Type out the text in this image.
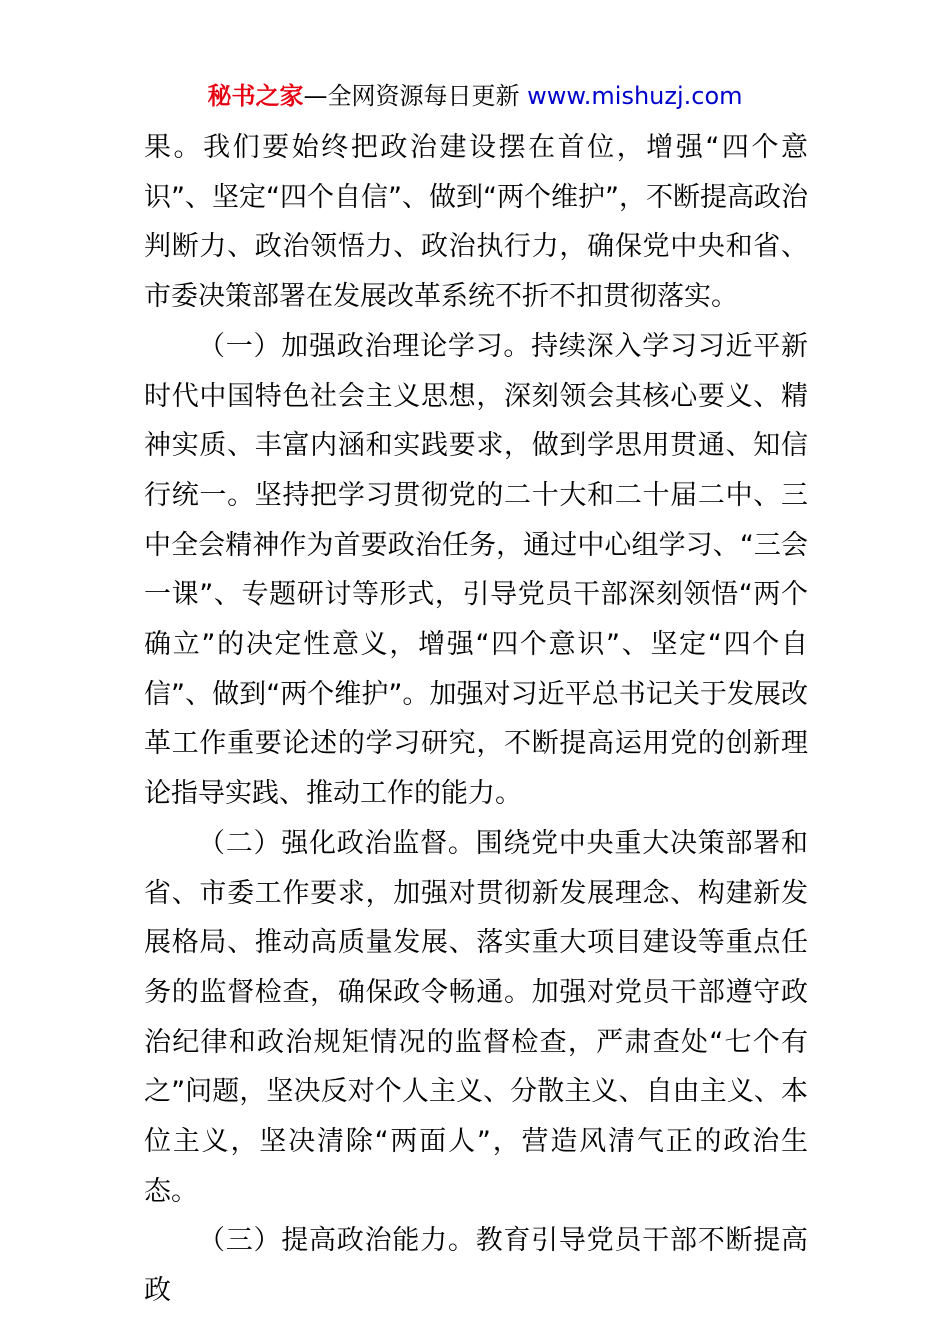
秘书之家—全网资源每日更新 www.mishuzj.com

果。我们要始终把政治建设摆在首位，增强“四个意识”、坚定“四个自信”、做到“两个维护”，不断提高政治判断力、政治领悟力、政治执行力，确保党中央和省、市委决策部署在发展改革系统不折不扣贯彻落实。

（一）加强政治理论学习。持续深入学习习近平新时代中国特色社会主义思想，深刻领会其核心要义、精神实质、丰富内涵和实践要求，做到学思用贯通、知信行统一。坚持把学习贯彻党的二十大和二十届二中、三中全会精神作为首要政治任务，通过中心组学习、“三会一课”、专题研讨等形式，引导党员干部深刻领悟“两个确立”的决定性意义，增强“四个意识”、坚定“四个自信”、做到“两个维护”。加强对习近平总书记关于发展改革工作重要论述的学习研究，不断提高运用党的创新理论指导实践、推动工作的能力。

（二）强化政治监督。围绕党中央重大决策部署和省、市委工作要求，加强对贯彻新发展理念、构建新发展格局、推动高质量发展、落实重大项目建设等重点任务的监督检查，确保政令畅通。加强对党员干部遵守政治纪律和政治规矩情况的监督检查，严肃查处“七个有之”问题，坚决反对个人主义、分散主义、自由主义、本位主义，坚决清除“两面人”，营造风清气正的政治生态。

（三）提高政治能力。教育引导党员干部不断提高政
